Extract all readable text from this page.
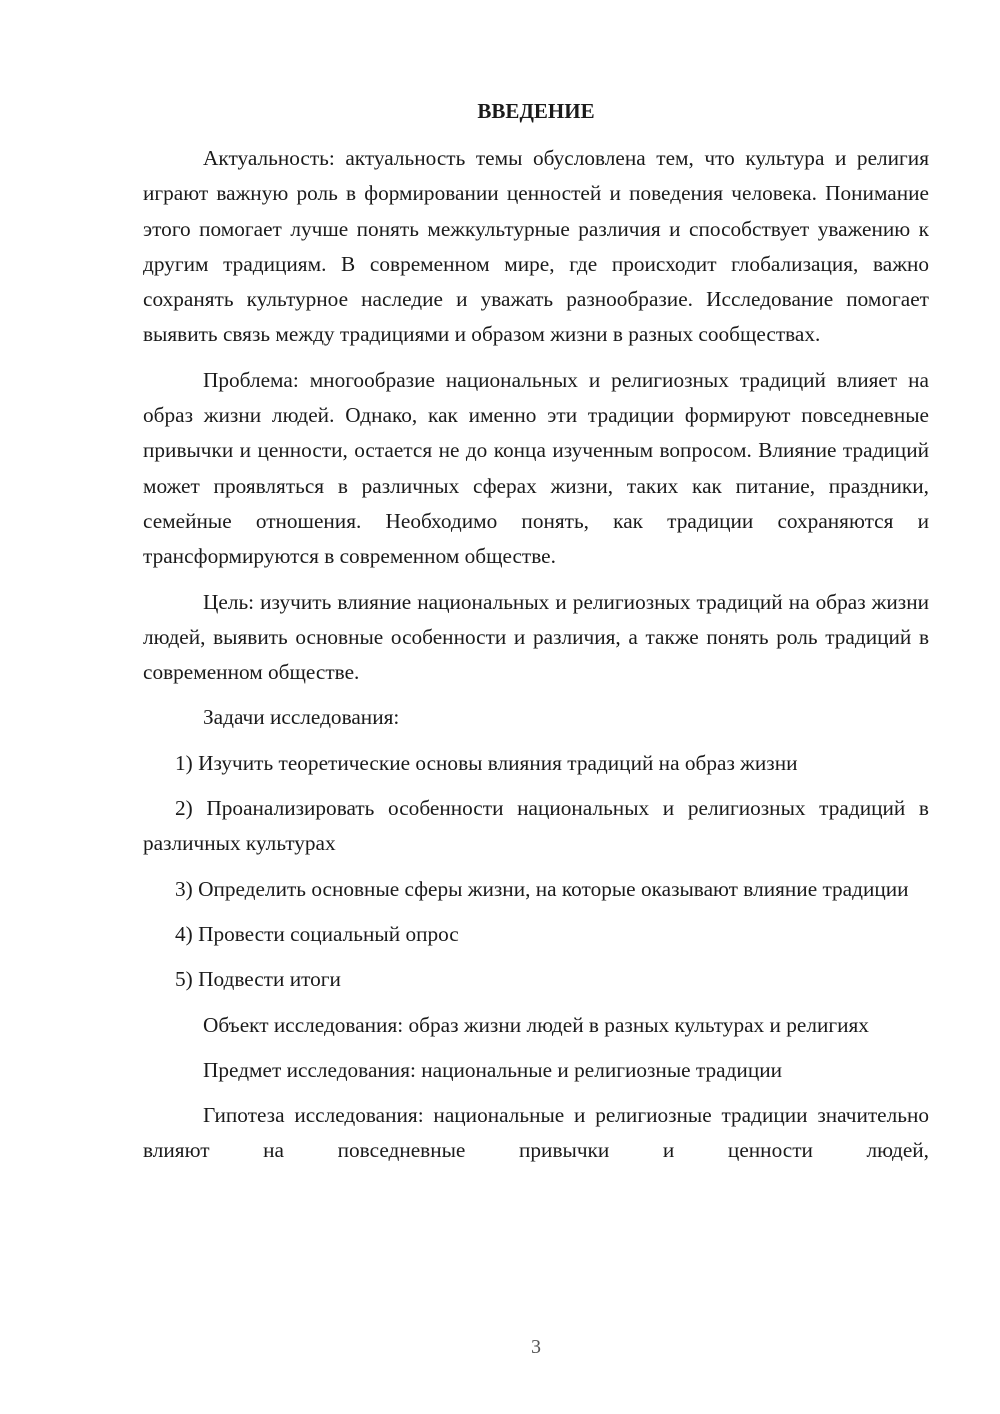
ВВЕДЕНИЕ

Актуальность: актуальность темы обусловлена тем, что культура и религия играют важную роль в формировании ценностей и поведения человека. Понимание этого помогает лучше понять межкультурные различия и способствует уважению к другим традициям. В современном мире, где происходит глобализация, важно сохранять культурное наследие и уважать разнообразие. Исследование помогает выявить связь между традициями и образом жизни в разных сообществах.

Проблема: многообразие национальных и религиозных традиций влияет на образ жизни людей. Однако, как именно эти традиции формируют повседневные привычки и ценности, остается не до конца изученным вопросом. Влияние традиций может проявляться в различных сферах жизни, таких как питание, праздники, семейные отношения. Необходимо понять, как традиции сохраняются и трансформируются в современном обществе.

Цель: изучить влияние национальных и религиозных традиций на образ жизни людей, выявить основные особенности и различия, а также понять роль традиций в современном обществе.

Задачи исследования:

1) Изучить теоретические основы влияния традиций на образ жизни

2) Проанализировать особенности национальных и религиозных традиций в различных культурах

3) Определить основные сферы жизни, на которые оказывают влияние традиции

4) Провести социальный опрос

5) Подвести итоги

Объект исследования: образ жизни людей в разных культурах и религиях

Предмет исследования: национальные и религиозные традиции

Гипотеза исследования: национальные и религиозные традиции значительно влияют на повседневные привычки и ценности людей,

3
